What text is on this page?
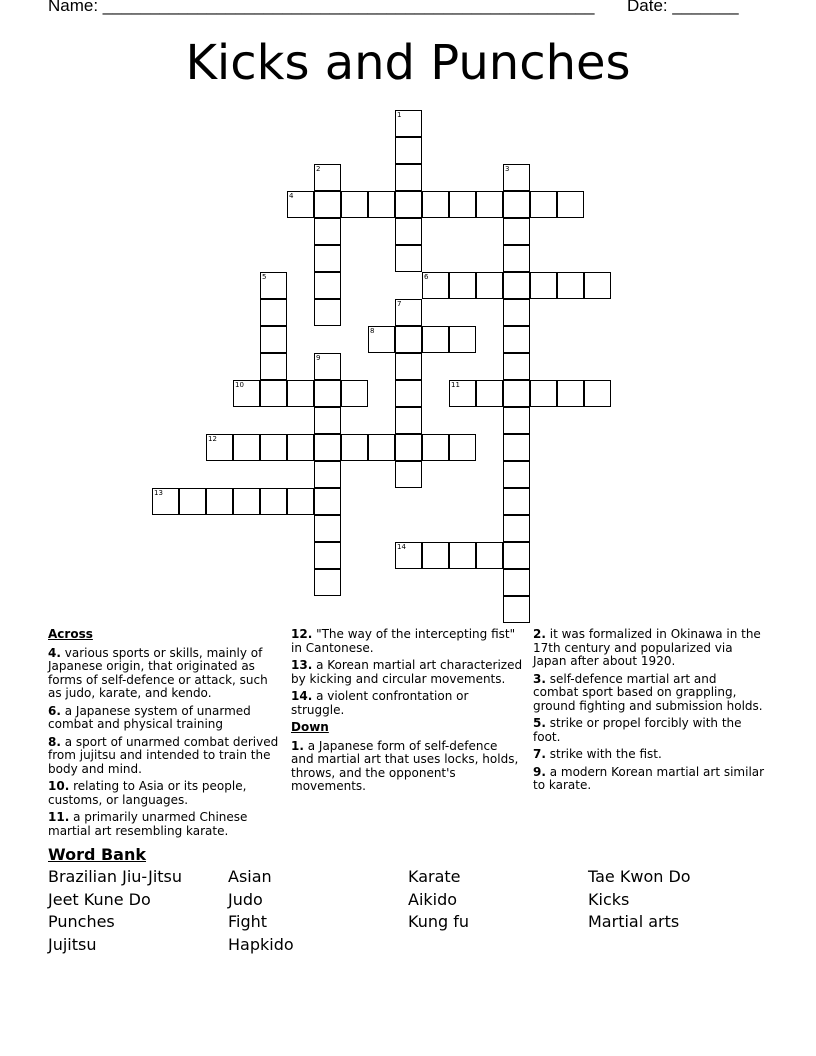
Name: ____________________________________________________ Date: _______
Kicks and Punches
1
2	3
4
5	6
7
8
9
10	11
12
13
14
Across
4. various sports or skills, mainly of Japanese origin, that originated as forms of self-defence or attack, such as judo, karate, and kendo.
6. a Japanese system of unarmed combat and physical training
8. a sport of unarmed combat derived from jujitsu and intended to train the body and mind.
10. relating to Asia or its people, customs, or languages.
11. a primarily unarmed Chinese martial art resembling karate.
12. "The way of the intercepting fist" in Cantonese.
13. a Korean martial art characterized by kicking and circular movements.
14. a violent confrontation or struggle.
Down
1. a Japanese form of self-defence and martial art that uses locks, holds, throws, and the opponent's movements.
2. it was formalized in Okinawa in the 17th century and popularized via Japan after about 1920.
3. self-defence martial art and combat sport based on grappling, ground fighting and submission holds.
5. strike or propel forcibly with the foot.
7. strike with the fist.
9. a modern Korean martial art similar to karate.
Word Bank
Brazilian Jiu-Jitsu
Jeet Kune Do
Punches
Jujitsu
Asian
Judo
Fight
Hapkido
Karate
Aikido
Kung fu
Tae Kwon Do
Kicks
Martial arts
